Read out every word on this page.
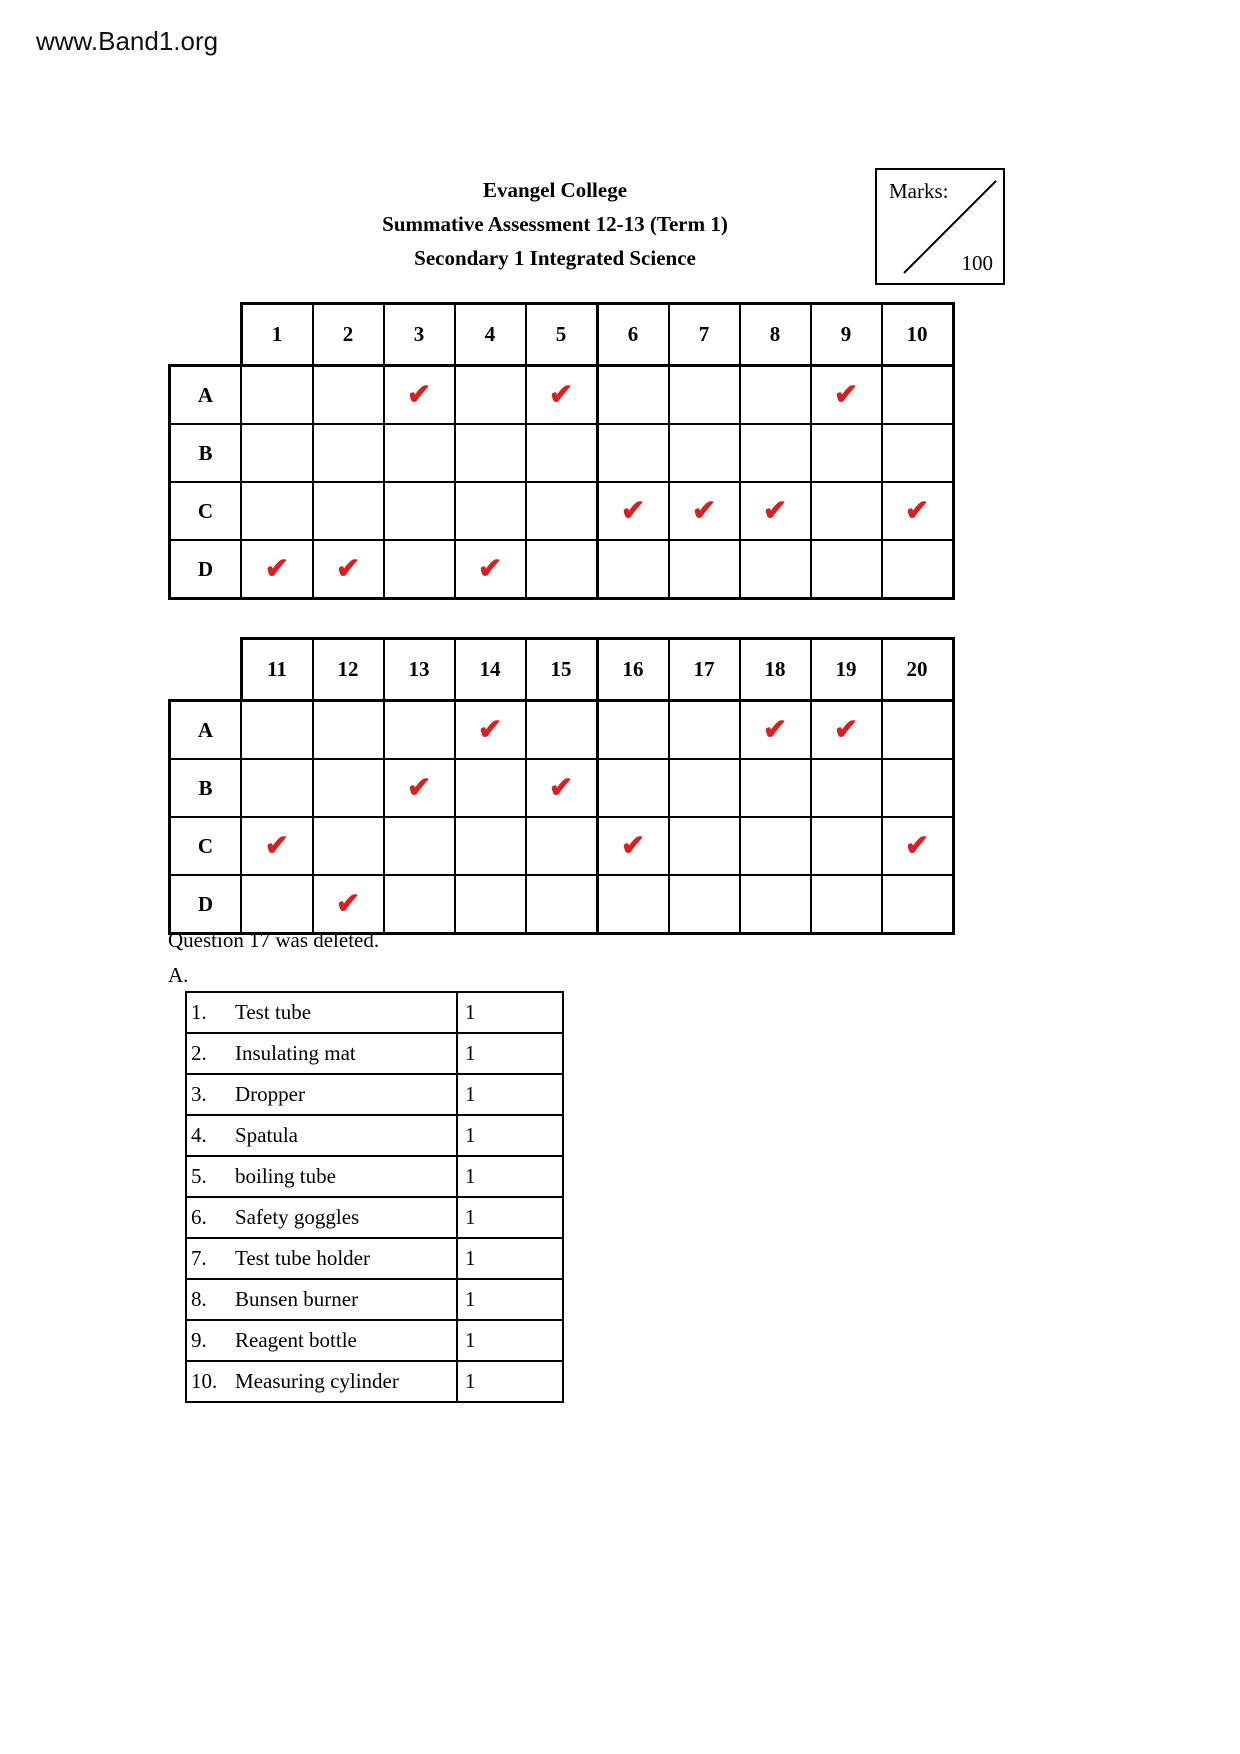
www.Band1.org
Evangel College
Summative Assessment 12-13 (Term 1)
Secondary 1 Integrated Science
Marks:
100
	1	2	3	4	5	6	7	8	9	10
A			✔		✔				✔	
B										
C						✔	✔	✔		✔
D	✔	✔		✔						
	11	12	13	14	15	16	17	18	19	20
A				✔				✔	✔	
B			✔		✔					
C	✔					✔				✔
D		✔								
Question 17 was deleted.
A.
1. Test tube	1
2. Insulating mat	1
3. Dropper	1
4. Spatula	1
5. boiling tube	1
6. Safety goggles	1
7. Test tube holder	1
8. Bunsen burner	1
9. Reagent bottle	1
10. Measuring cylinder	1
